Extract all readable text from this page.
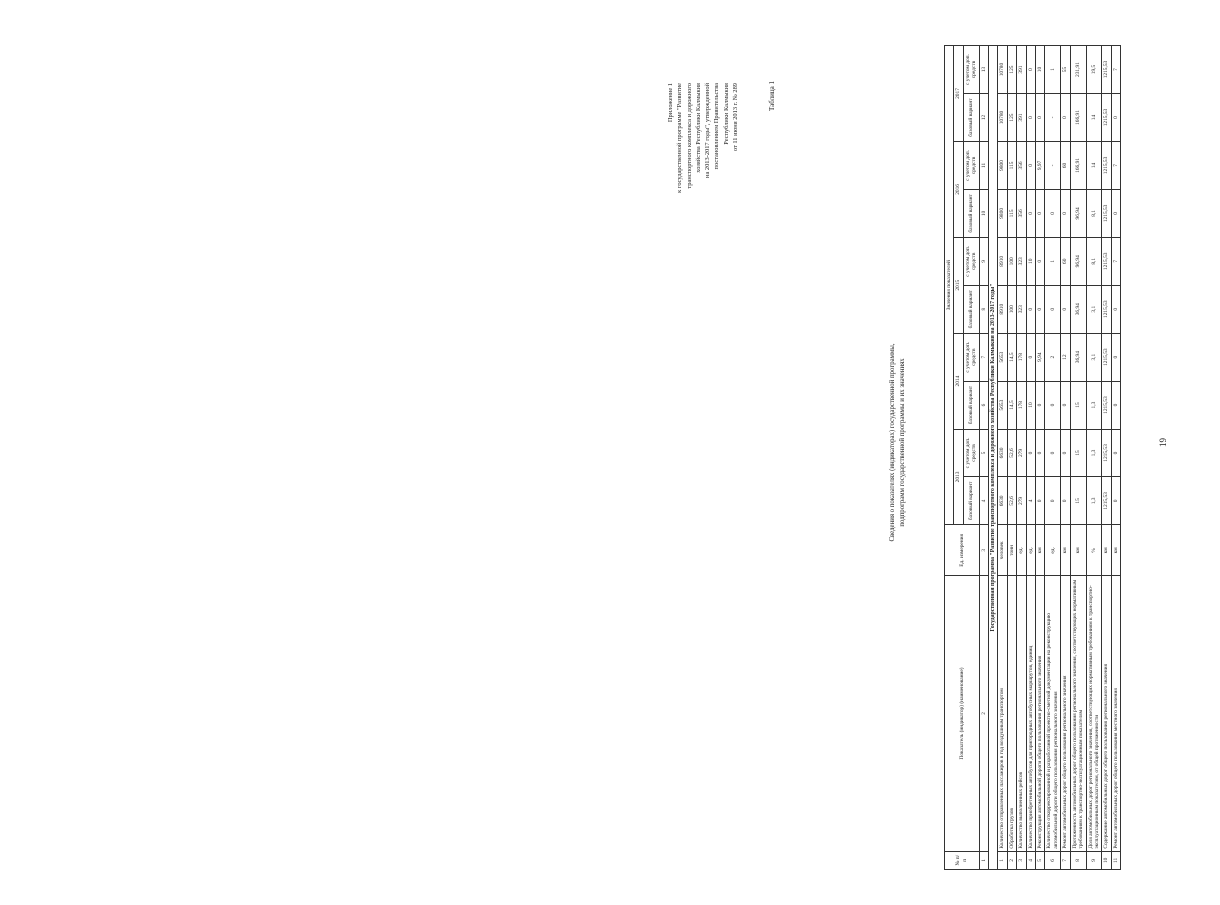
Приложение 1 к государственной программе "Развитие транспортного комплекса и дорожного хозяйства Республики Калмыкия на 2013-2017 годы", утвержденной постановлением Правительства Республики Калмыкия от 11 июня 2013 г. № 289	Таблица 1
Сведения о показателях (индикаторах) государственной программы, подпрограмм государственной программы и их значениях
№ п/п	Показатель (индикатор) (наименование)	Ед. измерения	Значения показателей									
			2013		2014		2015		2016		2017	
			базовый вариант	с учетом доп. средств	базовый вариант	с учетом доп. средств	базовый вариант	с учетом доп. средств	базовый вариант	с учетом доп. средств	базовый вариант	с учетом доп. средств
1	2	3	4	5	6	7	8	9	10	11	12	13
Государственная программа "Развитие транспортного комплекса и дорожного хозяйства Республики Калмыкия на 2013-2017 годы"												
1	Количество отправленных пассажиров в год воздушным транспортом	человек	6630	6630	5653	5653	8910	8910	9800	9800	10780	10780
2	Обработка грузов	тонн	52,6	52,6	14,5	14,5	100	100	115	115	125	125
3	Количество выполненных рейсов	ед.	279	279	178	178	323	323	356	356	391	391
4	Количество приобретенных автобусов для пригородных автобусных маршрутов, единиц	ед.	4	0	10	0	0	10	0	0	0	0
5	Реконструкция автомобильной дороги общего пользования регионального значения	км	0	0	0	9,94	0	0	0	9,97	0	10
6	Количество откорректированной и разработанной проектно-сметной документации на реконструкцию автомобильной дороги общего пользования регионального значения	ед.	0	0	0	2	0	1	0	-	-	1
7	Ремонт автомобильных дорог общего пользования регионального значения	км	0	0	0	12	0	60	0	60	0	55
8	Протяженность автомобильных дорог общего пользования регионального значения, соответствующих нормативным требованиям к транспортно-эксплуатационным показателям	км	15	15	15	36,94	36,94	96,94	96,94	166,91	166,91	231,91
9	Доля автомобильных дорог регионального значения, соответствующих нормативным требованиям к транспортно-эксплуатационным показателям, от общей протяженности	%	1,3	1,3	1,3	3,1	3,1	8,1	8,1	14	14	19,5
10	Содержание автомобильных дорог общего пользования регионального значения	км	1215,53	1215,53	1215,53	1215,53	1215,53	1215,53	1215,53	1215,53	1215,53	1215,53
11	Ремонт автомобильных дорог общего пользования местного значения	км	0	0	0	0	0	7	0	7	0	7
19
